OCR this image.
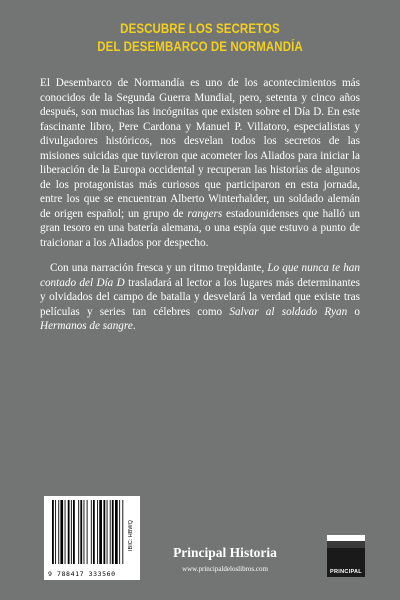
DESCUBRE LOS SECRETOS
DEL DESEMBARCO DE NORMANDÍA

El Desembarco de Normandía es uno de los acontecimientos más conocidos de la Segunda Guerra Mundial, pero, setenta y cinco años después, son muchas las incógnitas que existen sobre el Día D. En este fascinante libro, Pere Cardona y Manuel P. Villatoro, especialistas y divulgadores históricos, nos desvelan todos los secretos de las misiones suicidas que tuvieron que acometer los Aliados para iniciar la liberación de la Europa occidental y recuperan las historias de algunos de los protagonistas más curiosos que participaron en esta jornada, entre los que se encuentran Alberto Winterhalder, un soldado alemán de origen español; un grupo de rangers estadounidenses que halló un gran tesoro en una batería alemana, o una espía que estuvo a punto de traicionar a los Aliados por despecho.

Con una narración fresca y un ritmo trepidante, Lo que nunca te han contado del Día D trasladará al lector a los lugares más determinantes y olvidados del campo de batalla y desvelará la verdad que existe tras películas y series tan célebres como Salvar al soldado Ryan o Hermanos de sangre.

9 788417 333560
IBIC: HBWQ
Principal Historia
www.principaldeloslibros.com	PRINCIPAL
